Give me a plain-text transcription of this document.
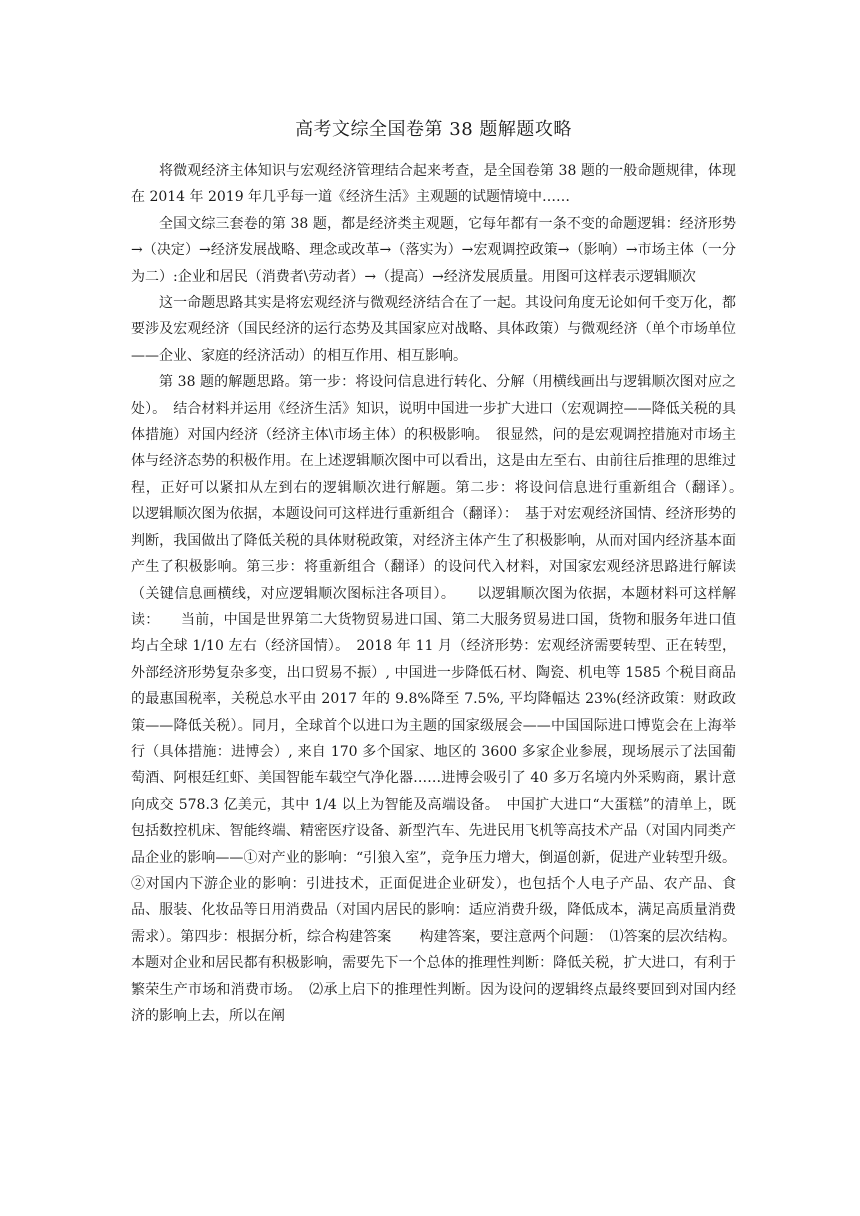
高考文综全国卷第 38 题解题攻略

将微观经济主体知识与宏观经济管理结合起来考查，是全国卷第 38 题的一般命题规律，体现在 2014 年 2019 年几乎每一道《经济生活》主观题的试题情境中……

全国文综三套卷的第 38 题，都是经济类主观题，它每年都有一条不变的命题逻辑：经济形势→（决定）→经济发展战略、理念或改革→（落实为）→宏观调控政策→（影响）→市场主体（一分为二）:企业和居民（消费者\劳动者）→（提高）→经济发展质量。用图可这样表示逻辑顺次

这一命题思路其实是将宏观经济与微观经济结合在了一起。其设问角度无论如何千变万化，都要涉及宏观经济（国民经济的运行态势及其国家应对战略、具体政策）与微观经济（单个市场单位——企业、家庭的经济活动）的相互作用、相互影响。

第 38 题的解题思路。第一步：将设问信息进行转化、分解（用横线画出与逻辑顺次图对应之处）。　结合材料并运用《经济生活》知识，说明中国进一步扩大进口（宏观调控——降低关税的具体措施）对国内经济（经济主体\市场主体）的积极影响。　很显然，问的是宏观调控措施对市场主体与经济态势的积极作用。在上述逻辑顺次图中可以看出，这是由左至右、由前往后推理的思维过程，正好可以紧扣从左到右的逻辑顺次进行解题。第二步：将设问信息进行重新组合（翻译）。　　以逻辑顺次图为依据，本题设问可这样进行重新组合（翻译）：　基于对宏观经济国情、经济形势的判断，我国做出了降低关税的具体财税政策，对经济主体产生了积极影响，从而对国内经济基本面产生了积极影响。第三步：将重新组合（翻译）的设问代入材料，对国家宏观经济思路进行解读（关键信息画横线，对应逻辑顺次图标注各项目）。　　以逻辑顺次图为依据，本题材料可这样解读：　　当前，中国是世界第二大货物贸易进口国、第二大服务贸易进口国，货物和服务年进口值均占全球 1/10 左右（经济国情）。　2018 年 11 月（经济形势：宏观经济需要转型、正在转型，外部经济形势复杂多变，出口贸易不振）, 中国进一步降低石材、陶瓷、机电等 1585 个税目商品的最惠国税率，关税总水平由 2017 年的 9.8%降至 7.5%, 平均降幅达 23%(经济政策：财政政策——降低关税）。同月，全球首个以进口为主题的国家级展会——中国国际进口博览会在上海举行（具体措施：进博会）, 来自 170 多个国家、地区的 3600 多家企业参展，现场展示了法国葡萄酒、阿根廷红虾、美国智能车载空气净化器……进博会吸引了 40 多万名境内外采购商，累计意向成交 578.3 亿美元，其中 1/4 以上为智能及高端设备。　中国扩大进口“大蛋糕”的清单上，既包括数控机床、智能终端、精密医疗设备、新型汽车、先进民用飞机等高技术产品（对国内同类产品企业的影响——①对产业的影响：“引狼入室”，竞争压力增大，倒逼创新，促进产业转型升级。②对国内下游企业的影响：引进技术，正面促进企业研发），也包括个人电子产品、农产品、食品、服装、化妆品等日用消费品（对国内居民的影响：适应消费升级，降低成本，满足高质量消费需求）。第四步：根据分析，综合构建答案　　构建答案，要注意两个问题：　⑴答案的层次结构。本题对企业和居民都有积极影响，需要先下一个总体的推理性判断：降低关税，扩大进口，有利于繁荣生产市场和消费市场。　⑵承上启下的推理性判断。因为设问的逻辑终点最终要回到对国内经济的影响上去，所以在阐
